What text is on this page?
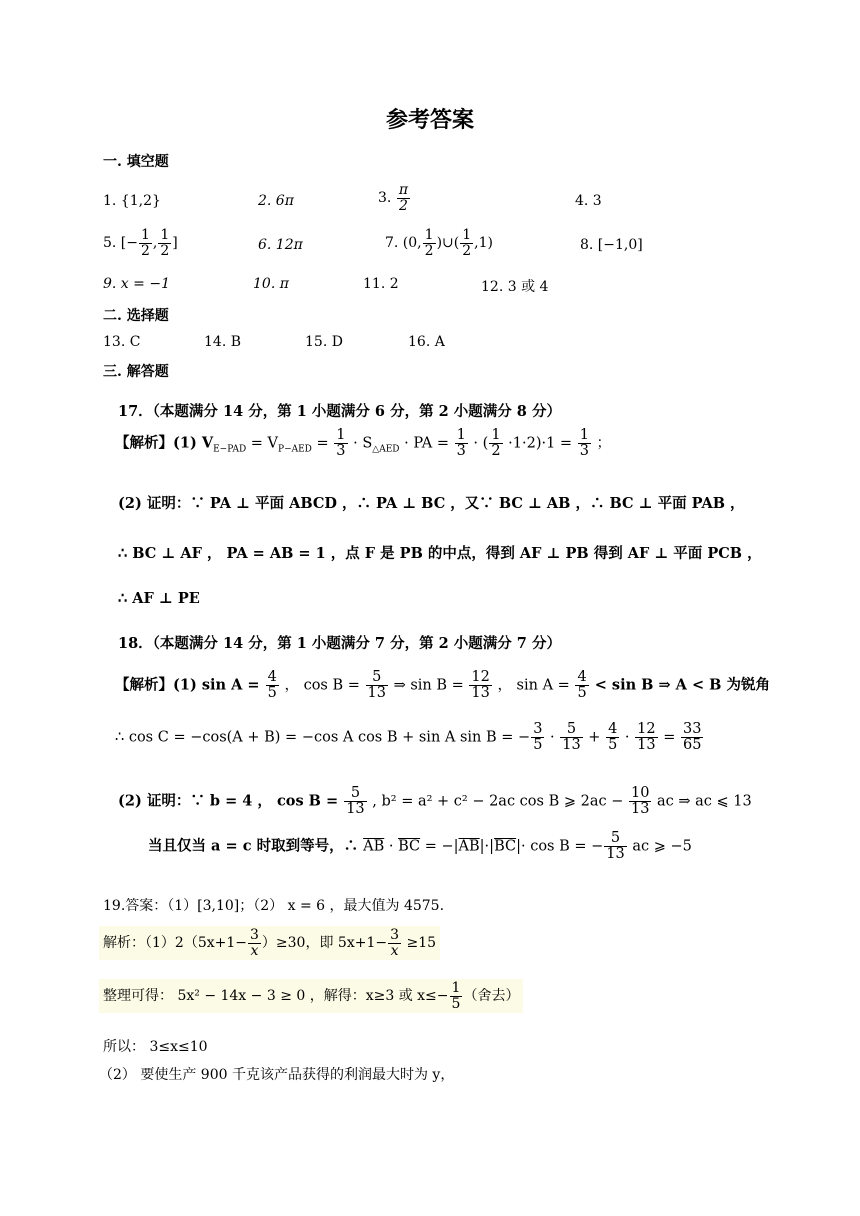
参考答案
一. 填空题
1. {1,2}	2. 6π	3. $\frac{\pi}{2}$	4. 3
5. [− $\frac{1}{2}$ , $\frac{1}{2}$ ]	6. 12π	7. (0, $\frac{1}{2}$ )∪( $\frac{1}{2} ,1$)	8. [−1,0]
9. x = −1	10. π	11. 2	12. 3 或 4
二. 选择题
13. C	14. B	15. D	16. A
三. 解答题
17．（本题满分 14 分，第 1 小题满分 6 分，第 2 小题满分 8 分）
【解析】(1) $V_{E-PAD} = V_{P-AED} = \frac{1}{3} \cdot S_{\triangle AED}$ · PA = $\frac{1}{3}$ · ( $\frac{1}{2} \cdot 1\cdot 2)\cdot 1 = \frac{1}{3}$ ；
(2) 证明：∵ PA ⊥ 平面 ABCD ，∴ PA ⊥ BC ，又∵ BC ⊥ AB ，∴ BC ⊥ 平面 PAB ，
∴ BC ⊥ AF ， PA = AB = 1 ，点 F 是 PB 的中点，得到 AF ⊥ PB 得到 AF ⊥ 平面 PCB ，
∴ AF ⊥ PE
18．（本题满分 14 分，第 1 小题满分 7 分，第 2 小题满分 7 分）
【解析】(1) $\sin A = \frac{4}{5}$ ， $\cos B = \frac{5}{13}$ ⇒ $\sin B = \frac{12}{13}$ ， $\sin A = \frac{4}{5} < \sin B$ ⇒ A < B 为锐角
∴ cos C = −cos(A + B) = −cos A cos B + sin A sin B = − $\frac{3}{5} \cdot \frac{5}{13} + \frac{4}{5} \cdot \frac{12}{13} = \frac{33}{65}$
(2) 证明：∵ b = 4 ， $\cos B = \frac{5}{13}$ , b² = a² + c² − 2ac cos B ⩾ $2ac - \frac{10}{13}$ ac ⇒ ac ⩽ 13
当且仅当 a = c 时取到等号，∴ $\overline{AB} \cdot \overline{BC} = -|\overline{AB}|\cdot|\overline{BC}|\cdot \cos B$ = − $\frac{5}{13}$ ac ⩾ −5
19.答案：（1）[3,10]；（2） x = 6 ，最大值为 4575.
解析：$(1)2(5x+1- \frac{3}{x} )\ge 30$，即 $5x+1- \frac{3}{x} \ge 15$
整理可得： 5x² − 14x − 3 ≥ 0 ，解得：x≥3 或 $x\le- \frac{1}{5}$ （舍去）
所以： 3≤x≤10
（2） 要使生产 900 千克该产品获得的利润最大时为 y，
